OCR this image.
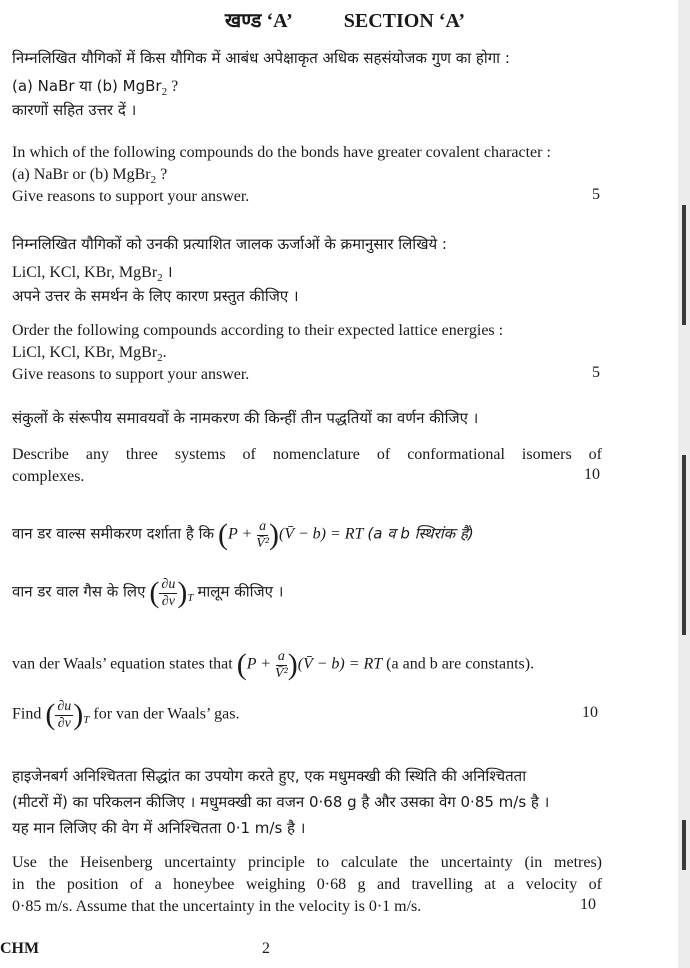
खण्ड ‘A’	SECTION ‘A’
निम्नलिखित यौगिकों में किस यौगिक में आबंध अपेक्षाकृत अधिक सहसंयोजक गुण का होगा :
(a) NaBr या (b) MgBr$_2$ ?
कारणों सहित उत्तर दें ।
In which of the following compounds do the bonds have greater covalent character :
(a) NaBr or (b) MgBr$_2$ ?
Give reasons to support your answer.	5
निम्नलिखित यौगिकों को उनकी प्रत्याशित जालक ऊर्जाओं के क्रमानुसार लिखिये :
LiCl, KCl, KBr, MgBr$_2$ ।
अपने उत्तर के समर्थन के लिए कारण प्रस्तुत कीजिए ।
Order the following compounds according to their expected lattice energies :
LiCl, KCl, KBr, MgBr$_2$.
Give reasons to support your answer.	5
संकुलों के संरूपीय समावयवों के नामकरण की किन्हीं तीन पद्धतियों का वर्णन कीजिए ।
Describe any three systems of nomenclature of conformational isomers of
complexes.	10
वान डर वाल्स समीकरण दर्शाता है कि ($P + \frac{a}{\text{V̄²}}$ )(V̄ − b) = RT (a व b स्थिरांक हैं)
वान डर वाल गैस के लिए ( $\frac{\partial u}{\partial v} )_T$ मालूम कीजिए ।
van der Waals’ equation states that ($P + \frac{a}{\text{V̄²}}$ )(V̄ − b) = RT (a and b are constants).
Find ( $\frac{\partial u}{\partial v} )_T$ for van der Waals’ gas.	10
हाइजेनबर्ग अनिश्चितता सिद्धांत का उपयोग करते हुए, एक मधुमक्खी की स्थिति की अनिश्चितता
(मीटरों में) का परिकलन कीजिए । मधुमक्खी का वजन 0·68 g है और उसका वेग 0·85 m/s है ।
यह मान लिजिए की वेग में अनिश्चितता 0·1 m/s है ।
Use the Heisenberg uncertainty principle to calculate the uncertainty (in metres)
in the position of a honeybee weighing 0·68 g and travelling at a velocity of
0·85 m/s. Assume that the uncertainty in the velocity is 0·1 m/s.	10
CHM	2
